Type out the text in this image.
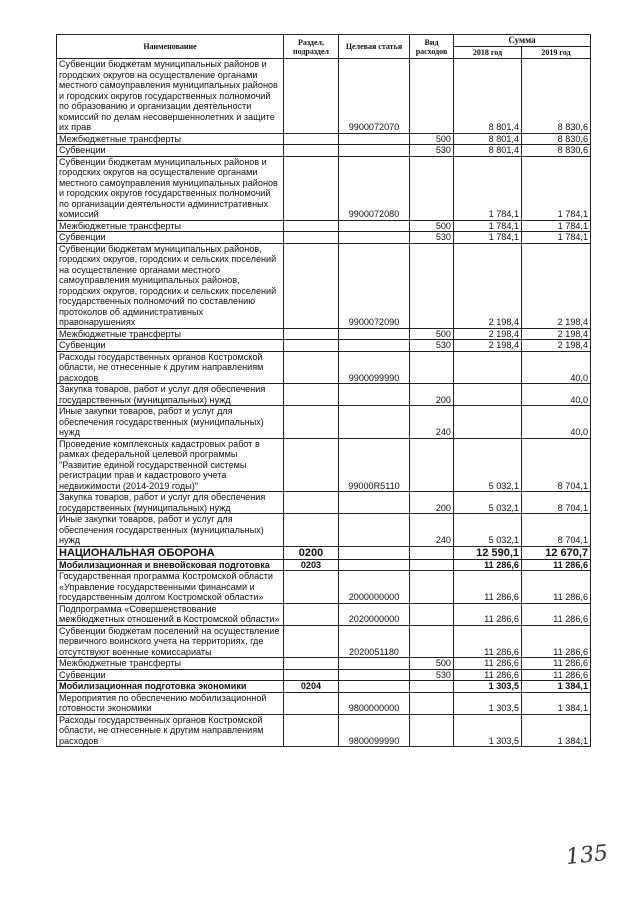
Наименование	Раздел, подраздел	Целевая статья	Вид расходов	Сумма	
				2018 год	2019 год
Субвенции бюджетам муниципальных районов и городских округов на осуществление органами местного самоуправления муниципальных районов и городских округов государственных полномочий по образованию и организации деятельности комиссий по делам несовершеннолетних и защите их прав		9900072070		8 801,4	8 830,6
Межбюджетные трансферты			500	8 801,4	8 830,6
Субвенции			530	8 801,4	8 830,6
Субвенции бюджетам муниципальных районов и городских округов на осуществление органами местного самоуправления муниципальных районов и городских округов государственных полномочий по организации деятельности административных комиссий		9900072080		1 784,1	1 784,1
Межбюджетные трансферты			500	1 784,1	1 784,1
Субвенции			530	1 784,1	1 784,1
Субвенции бюджетам муниципальных районов, городских округов, городских и сельских поселений на осуществление органами местного самоуправления муниципальных районов, городских округов, городских и сельских поселений государственных полномочий по составлению протоколов об административных правонарушениях		9900072090		2 198,4	2 198,4
Межбюджетные трансферты			500	2 198,4	2 198,4
Субвенции			530	2 198,4	2 198,4
Расходы государственных органов Костромской области, не отнесенные к другим направлениям расходов		9900099990			40,0
Закупка товаров, работ и услуг для обеспечения государственных (муниципальных) нужд			200		40,0
Иные закупки товаров, работ и услуг для обеспечения государственных (муниципальных) нужд			240		40,0
Проведение комплексных кадастровых работ в рамках федеральной целевой программы "Развитие единой государственной системы регистрации прав и кадастрового учета недвижимости (2014-2019 годы)"		99000R5110		5 032,1	8 704,1
Закупка товаров, работ и услуг для обеспечения государственных (муниципальных) нужд			200	5 032,1	8 704,1
Иные закупки товаров, работ и услуг для обеспечения государственных (муниципальных) нужд			240	5 032,1	8 704,1
НАЦИОНАЛЬНАЯ ОБОРОНА	0200			12 590,1	12 670,7
Мобилизационная и вневойсковая подготовка	0203			11 286,6	11 286,6
Государственная программа Костромской области «Управление государственными финансами и государственным долгом Костромской области»		2000000000		11 286,6	11 286,6
Подпрограмма «Совершенствование межбюджетных отношений в Костромской области»		2020000000		11 286,6	11 286,6
Субвенции бюджетам поселений на осуществление первичного воинского учета на территориях, где отсутствуют военные комиссариаты		2020051180		11 286,6	11 286,6
Межбюджетные трансферты			500	11 286,6	11 286,6
Субвенции			530	11 286,6	11 286,6
Мобилизационная подготовка экономики	0204			1 303,5	1 384,1
Мероприятия по обеспечению мобилизационной готовности экономики		9800000000		1 303,5	1 384,1
Расходы государственных органов Костромской области, не отнесенные к другим направлениям расходов		9800099990		1 303,5	1 384,1
135
